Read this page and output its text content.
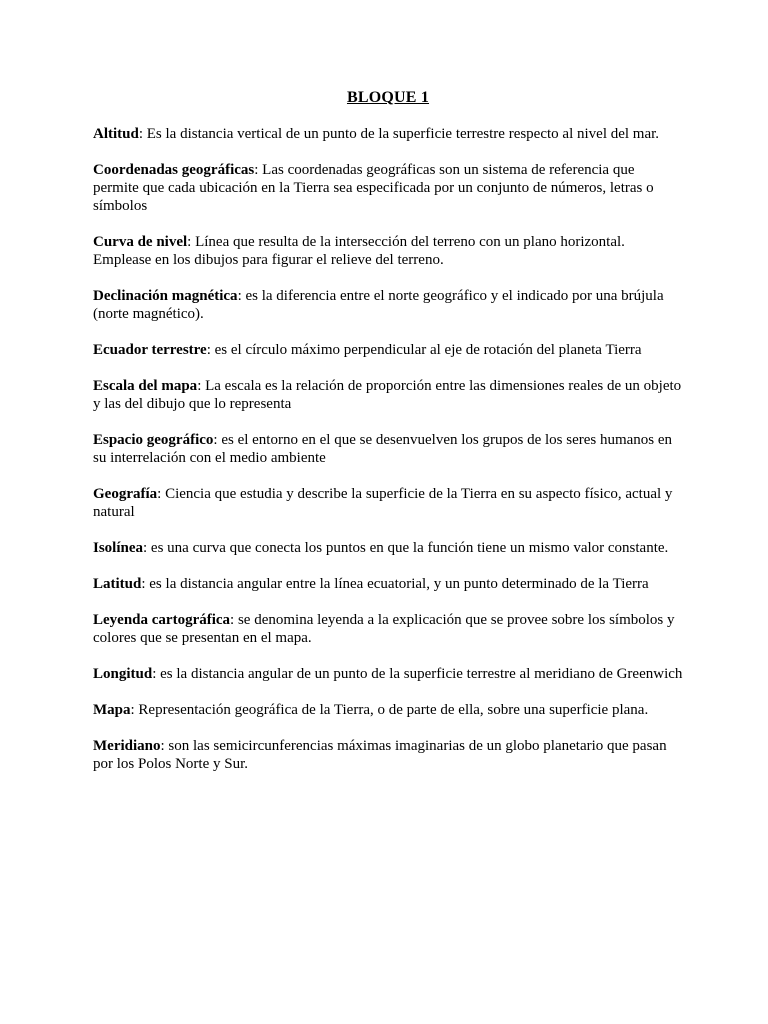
BLOQUE 1

Altitud: Es la distancia vertical de un punto de la superficie terrestre respecto al nivel del mar.

Coordenadas geográficas: Las coordenadas geográficas son un sistema de referencia que permite que cada ubicación en la Tierra sea especificada por un conjunto de números, letras o símbolos

Curva de nivel: Línea que resulta de la intersección del terreno con un plano horizontal. Emplease en los dibujos para figurar el relieve del terreno.

Declinación magnética: es la diferencia entre el norte geográfico y el indicado por una brújula (norte magnético).

Ecuador terrestre: es el círculo máximo perpendicular al eje de rotación del planeta Tierra

Escala del mapa: La escala es la relación de proporción entre las dimensiones reales de un objeto y las del dibujo que lo representa

Espacio geográfico: es el entorno en el que se desenvuelven los grupos de los seres humanos en su interrelación con el medio ambiente

Geografía: Ciencia que estudia y describe la superficie de la Tierra en su aspecto físico, actual y natural

Isolínea: es una curva que conecta los puntos en que la función tiene un mismo valor constante.

Latitud: es la distancia angular entre la línea ecuatorial, y un punto determinado de la Tierra

Leyenda cartográfica: se denomina leyenda a la explicación que se provee sobre los símbolos y colores que se presentan en el mapa.

Longitud: es la distancia angular de un punto de la superficie terrestre al meridiano de Greenwich

Mapa: Representación geográfica de la Tierra, o de parte de ella, sobre una superficie plana.

Meridiano: son las semicircunferencias máximas imaginarias de un globo planetario que pasan por los Polos Norte y Sur.
